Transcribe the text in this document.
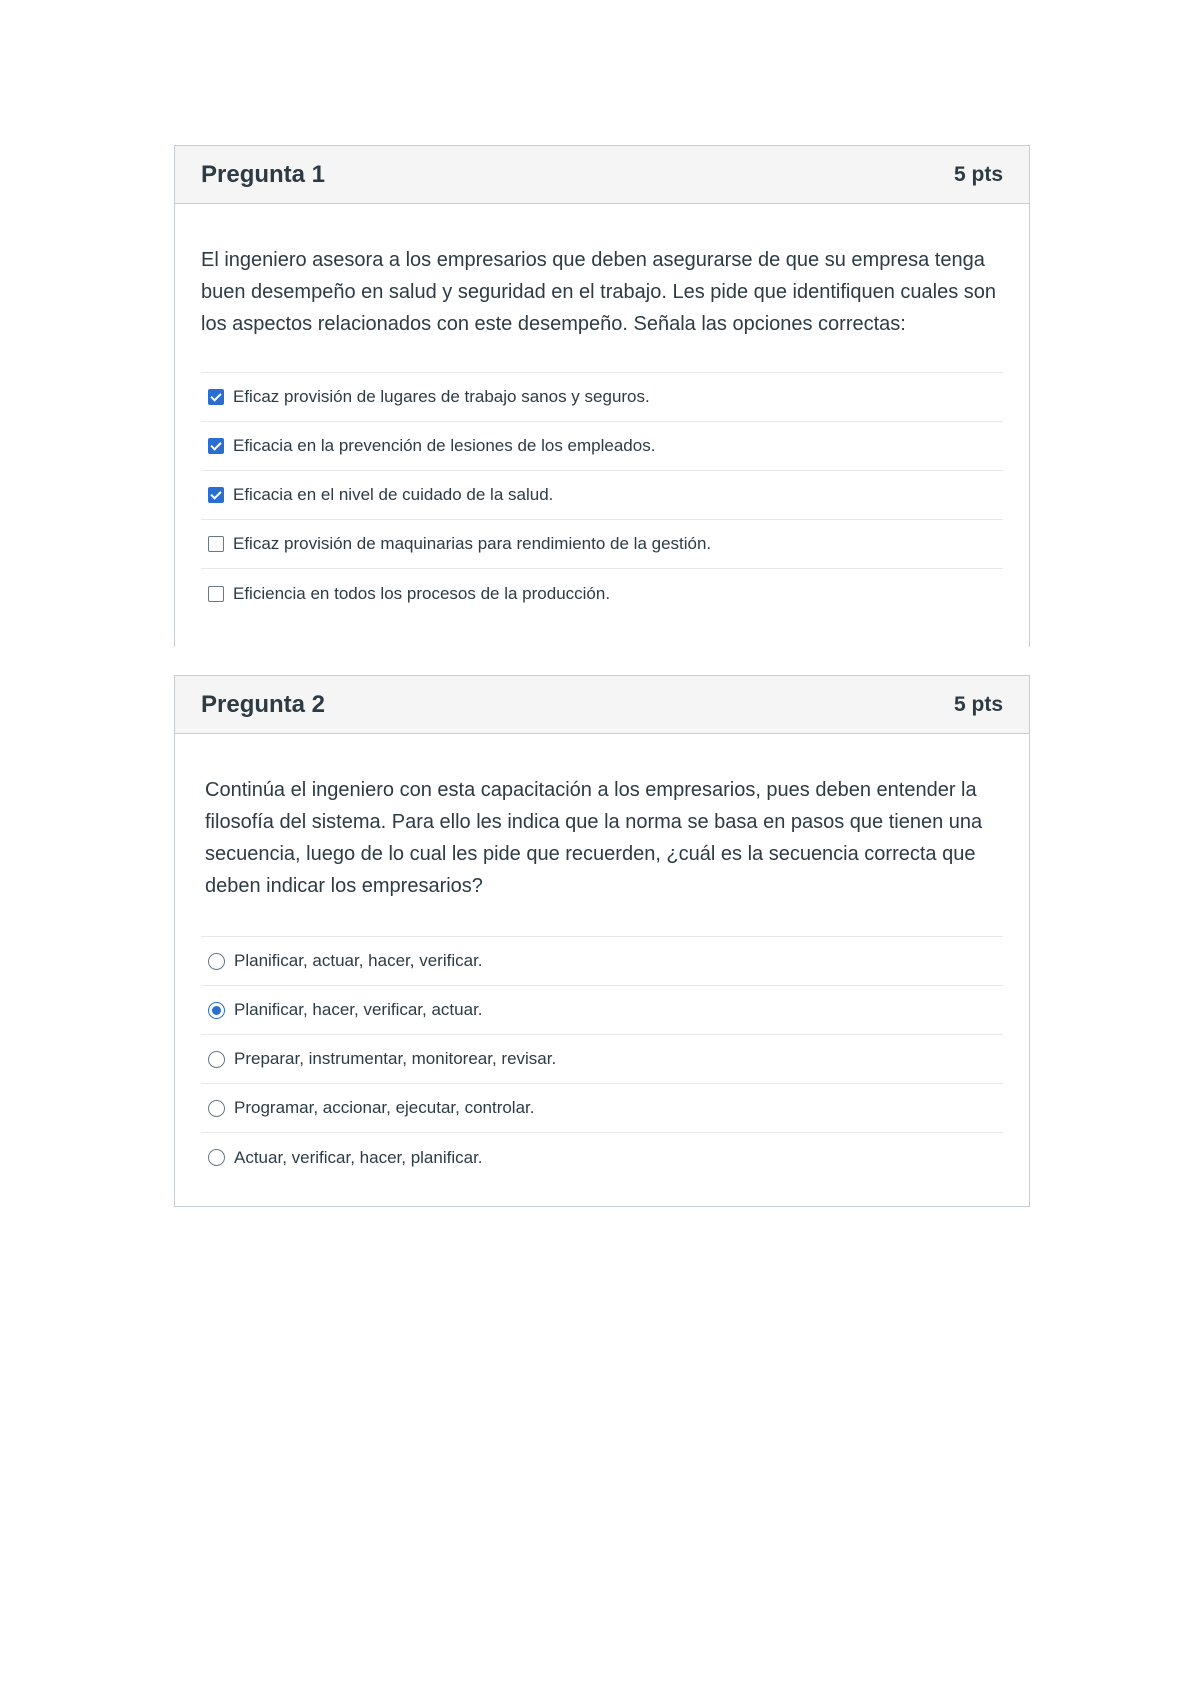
Pregunta 1	5 pts
El ingeniero asesora a los empresarios que deben asegurarse de que su empresa tenga buen desempeño en salud y seguridad en el trabajo. Les pide que identifiquen cuales son los aspectos relacionados con este desempeño. Señala las opciones correctas:
Eficaz provisión de lugares de trabajo sanos y seguros.
Eficacia en la prevención de lesiones de los empleados.
Eficacia en el nivel de cuidado de la salud.
Eficaz provisión de maquinarias para rendimiento de la gestión.
Eficiencia en todos los procesos de la producción.
Pregunta 2	5 pts
Continúa el ingeniero con esta capacitación a los empresarios, pues deben entender la filosofía del sistema. Para ello les indica que la norma se basa en pasos que tienen una secuencia, luego de lo cual les pide que recuerden, ¿cuál es la secuencia correcta que deben indicar los empresarios?
Planificar, actuar, hacer, verificar.
Planificar, hacer, verificar, actuar.
Preparar, instrumentar, monitorear, revisar.
Programar, accionar, ejecutar, controlar.
Actuar, verificar, hacer, planificar.
